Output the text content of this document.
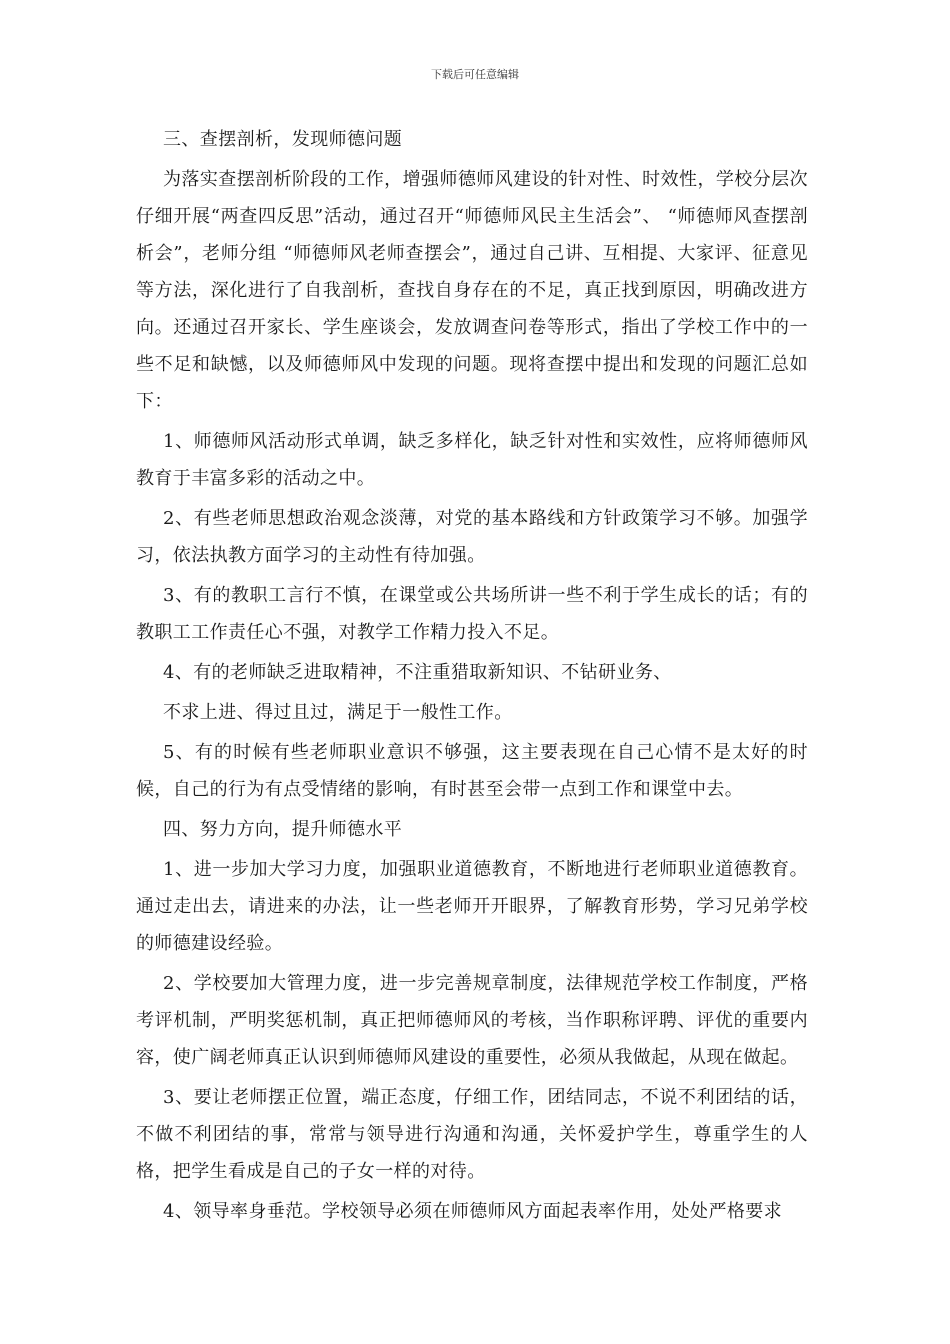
下载后可任意编辑

三、查摆剖析，发现师德问题

为落实查摆剖析阶段的工作，增强师德师风建设的针对性、时效性，学校分层次仔细开展“两查四反思”活动，通过召开“师德师风民主生活会”、 “师德师风查摆剖析会”，老师分组 “师德师风老师查摆会”，通过自己讲、互相提、大家评、征意见等方法，深化进行了自我剖析，查找自身存在的不足，真正找到原因，明确改进方向。还通过召开家长、学生座谈会，发放调查问卷等形式，指出了学校工作中的一些不足和缺憾，以及师德师风中发现的问题。现将查摆中提出和发现的问题汇总如下：

1、师德师风活动形式单调，缺乏多样化，缺乏针对性和实效性，应将师德师风教育于丰富多彩的活动之中。

2、有些老师思想政治观念淡薄，对党的基本路线和方针政策学习不够。加强学习，依法执教方面学习的主动性有待加强。

3、有的教职工言行不慎，在课堂或公共场所讲一些不利于学生成长的话；有的教职工工作责任心不强，对教学工作精力投入不足。

4、有的老师缺乏进取精神，不注重猎取新知识、不钻研业务、

不求上进、得过且过，满足于一般性工作。

5、有的时候有些老师职业意识不够强，这主要表现在自己心情不是太好的时候，自己的行为有点受情绪的影响，有时甚至会带一点到工作和课堂中去。

四、努力方向，提升师德水平

1、进一步加大学习力度，加强职业道德教育，不断地进行老师职业道德教育。通过走出去，请进来的办法，让一些老师开开眼界，了解教育形势，学习兄弟学校的师德建设经验。

2、学校要加大管理力度，进一步完善规章制度，法律规范学校工作制度，严格考评机制，严明奖惩机制，真正把师德师风的考核，当作职称评聘、评优的重要内容，使广阔老师真正认识到师德师风建设的重要性，必须从我做起，从现在做起。

3、要让老师摆正位置，端正态度，仔细工作，团结同志，不说不利团结的话，不做不利团结的事，常常与领导进行沟通和沟通，关怀爱护学生，尊重学生的人格，把学生看成是自己的子女一样的对待。

4、领导率身垂范。学校领导必须在师德师风方面起表率作用，处处严格要求
